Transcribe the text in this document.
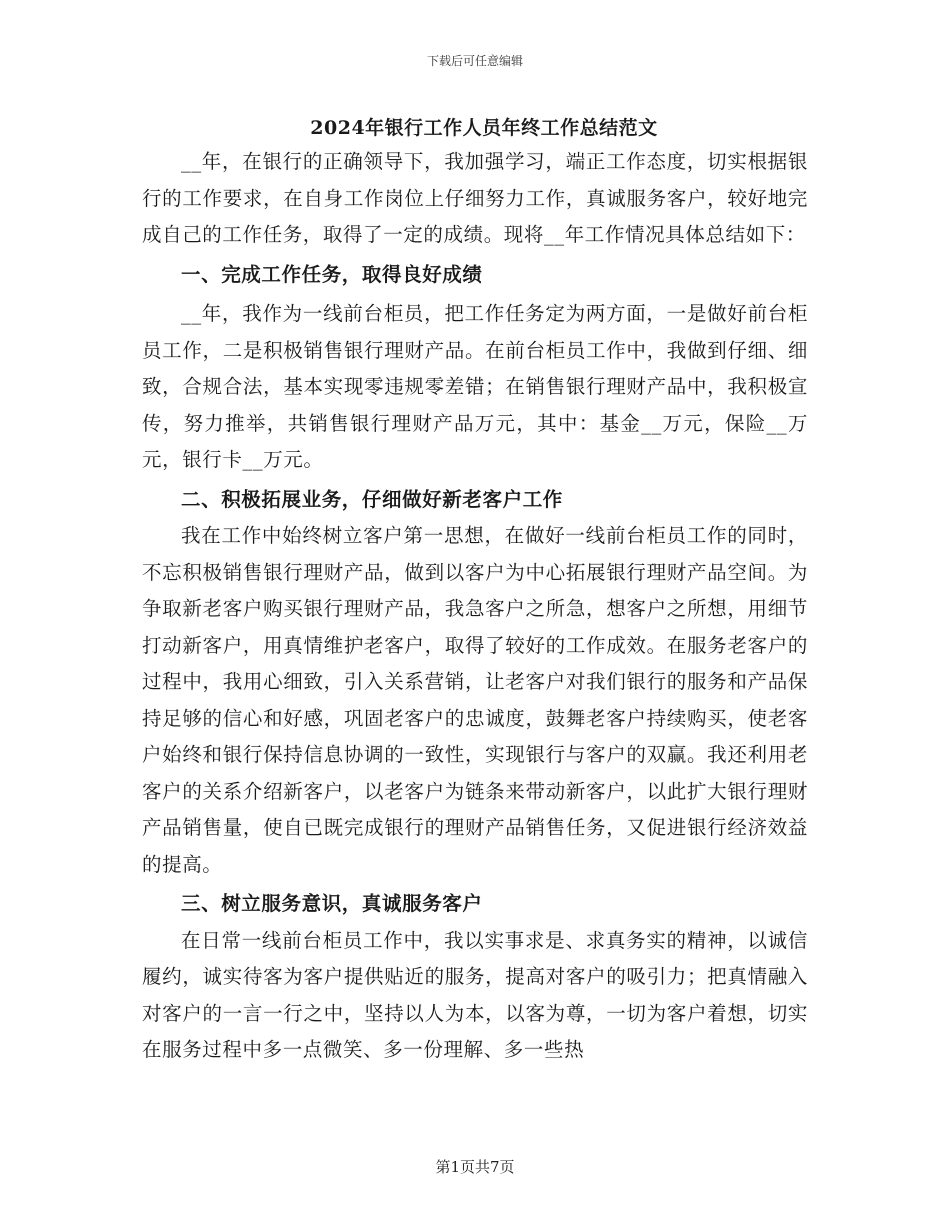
下载后可任意编辑

2024年银行工作人员年终工作总结范文

__年，在银行的正确领导下，我加强学习，端正工作态度，切实根据银行的工作要求，在自身工作岗位上仔细努力工作，真诚服务客户，较好地完成自己的工作任务，取得了一定的成绩。现将__年工作情况具体总结如下：

一、完成工作任务，取得良好成绩

__年，我作为一线前台柜员，把工作任务定为两方面，一是做好前台柜员工作，二是积极销售银行理财产品。在前台柜员工作中，我做到仔细、细致，合规合法，基本实现零违规零差错；在销售银行理财产品中，我积极宣传，努力推举，共销售银行理财产品万元，其中：基金__万元，保险__万元，银行卡__万元。

二、积极拓展业务，仔细做好新老客户工作

我在工作中始终树立客户第一思想，在做好一线前台柜员工作的同时，不忘积极销售银行理财产品，做到以客户为中心拓展银行理财产品空间。为争取新老客户购买银行理财产品，我急客户之所急，想客户之所想，用细节打动新客户，用真情维护老客户，取得了较好的工作成效。在服务老客户的过程中，我用心细致，引入关系营销，让老客户对我们银行的服务和产品保持足够的信心和好感，巩固老客户的忠诚度，鼓舞老客户持续购买，使老客户始终和银行保持信息协调的一致性，实现银行与客户的双赢。我还利用老客户的关系介绍新客户，以老客户为链条来带动新客户，以此扩大银行理财产品销售量，使自已既完成银行的理财产品销售任务，又促进银行经济效益的提高。

三、树立服务意识，真诚服务客户

在日常一线前台柜员工作中，我以实事求是、求真务实的精神，以诚信履约，诚实待客为客户提供贴近的服务，提高对客户的吸引力；把真情融入对客户的一言一行之中，坚持以人为本，以客为尊，一切为客户着想，切实在服务过程中多一点微笑、多一份理解、多一些热

第1页共7页
